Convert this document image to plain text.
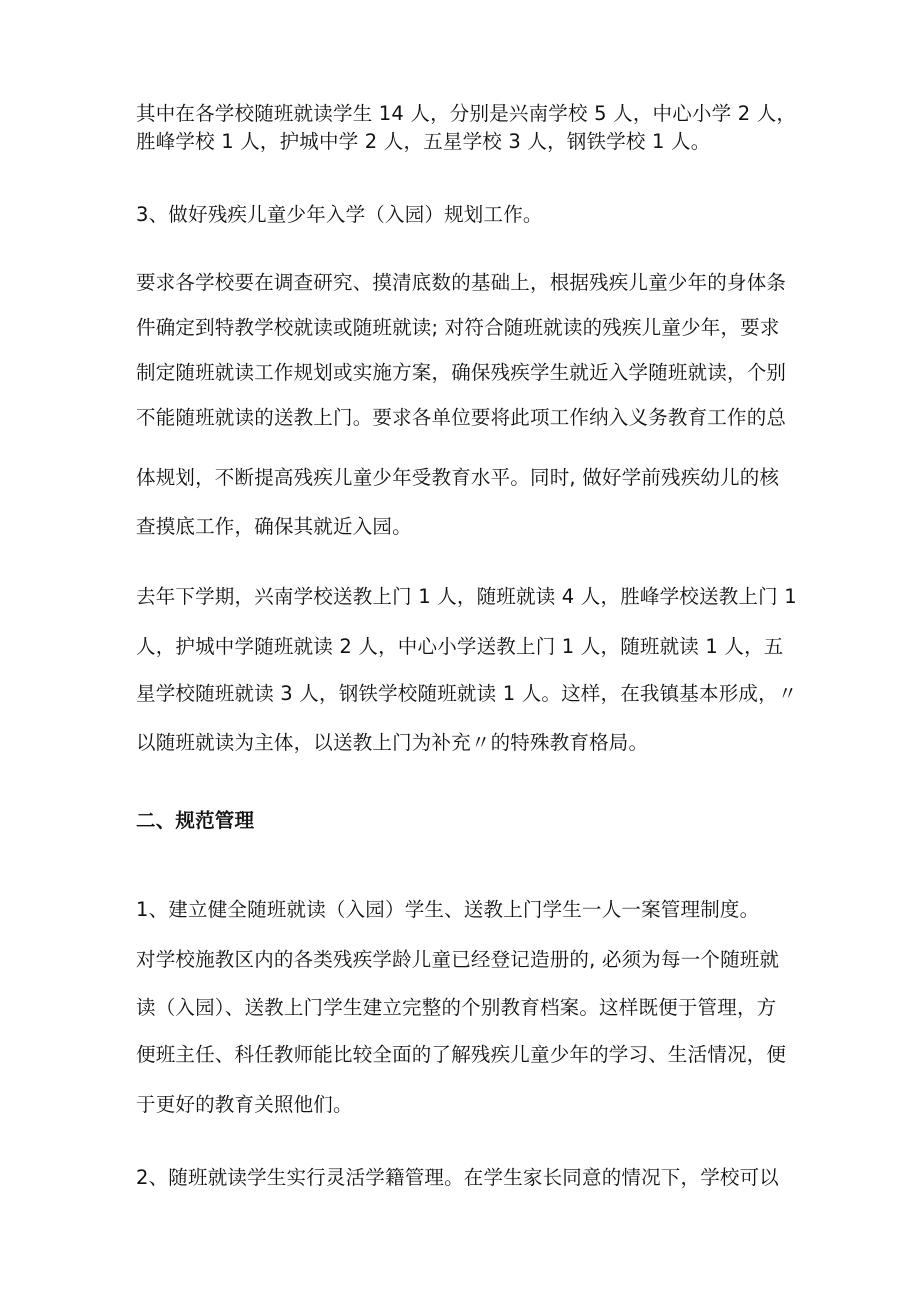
其中在各学校随班就读学生 14 人，分别是兴南学校 5 人，中心小学 2 人，
胜峰学校 1 人，护城中学 2 人，五星学校 3 人，钢铁学校 1 人。
3、做好残疾儿童少年入学（入园）规划工作。
要求各学校要在调查研究、摸清底数的基础上，根据残疾儿童少年的身体条
件确定到特教学校就读或随班就读; 对符合随班就读的残疾儿童少年，要求
制定随班就读工作规划或实施方案，确保残疾学生就近入学随班就读，个别
不能随班就读的送教上门。要求各单位要将此项工作纳入义务教育工作的总
体规划，不断提高残疾儿童少年受教育水平。同时, 做好学前残疾幼儿的核
查摸底工作，确保其就近入园。
去年下学期，兴南学校送教上门 1 人，随班就读 4 人，胜峰学校送教上门 1
人，护城中学随班就读 2 人，中心小学送教上门 1 人，随班就读 1 人，五
星学校随班就读 3 人，钢铁学校随班就读 1 人。这样，在我镇基本形成，〃
以随班就读为主体，以送教上门为补充〃的特殊教育格局。
二、规范管理
1、建立健全随班就读（入园）学生、送教上门学生一人一案管理制度。
对学校施教区内的各类残疾学龄儿童已经登记造册的, 必须为每一个随班就
读（入园）、送教上门学生建立完整的个别教育档案。这样既便于管理，方
便班主任、科任教师能比较全面的了解残疾儿童少年的学习、生活情况，便
于更好的教育关照他们。
2、随班就读学生实行灵活学籍管理。在学生家长同意的情况下，学校可以
